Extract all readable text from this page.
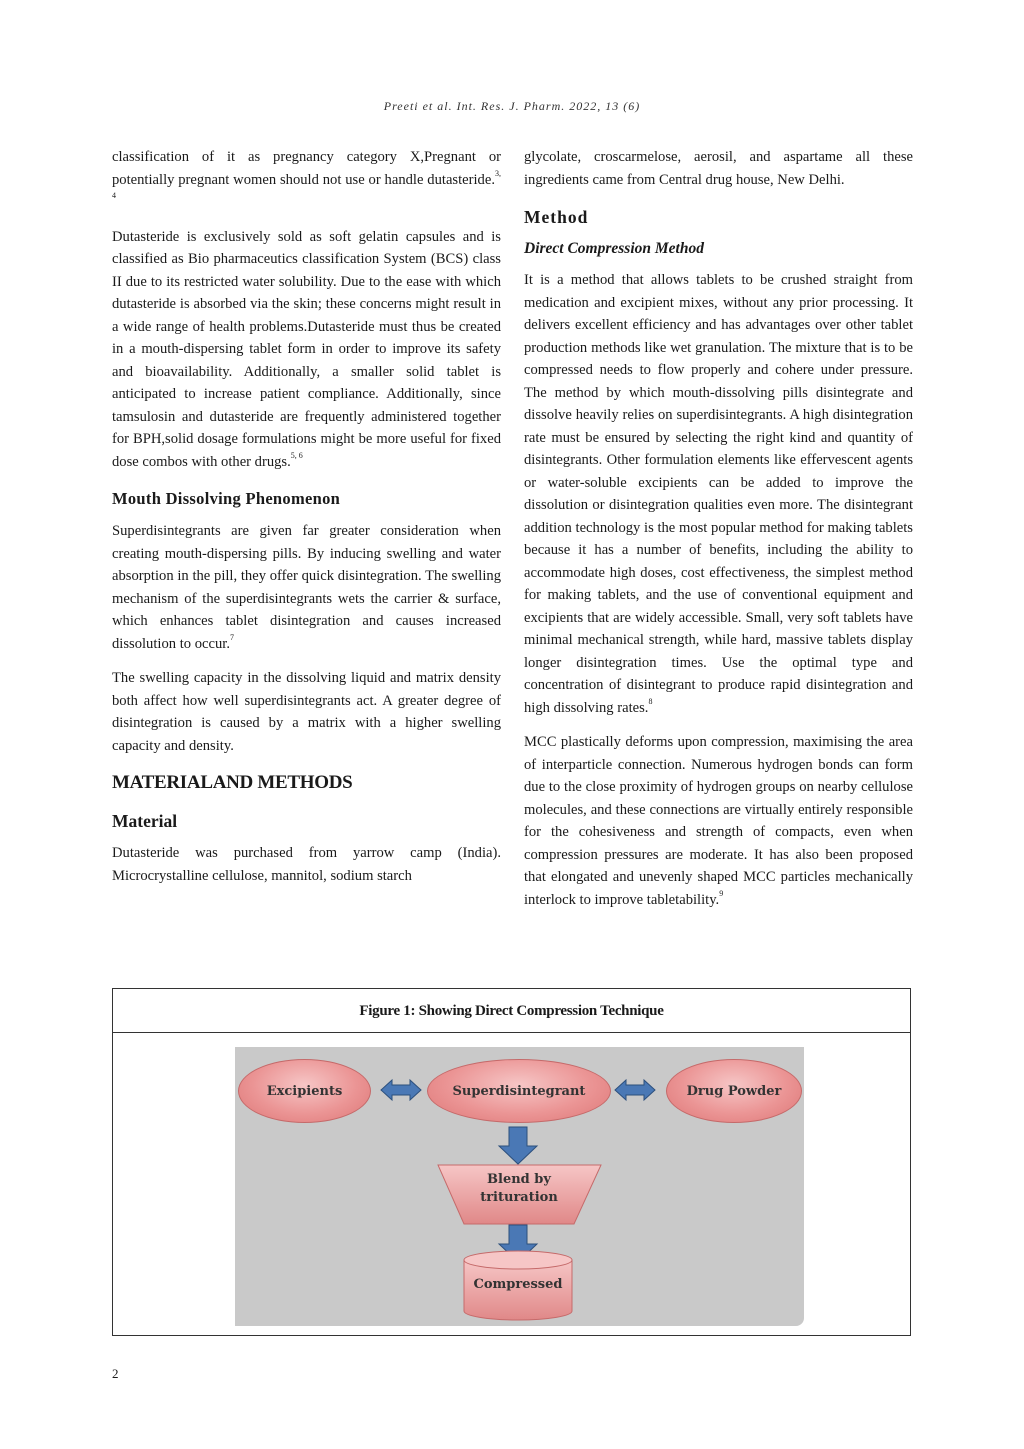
Preeti et al. Int. Res. J. Pharm. 2022, 13 (6)

classification of it as pregnancy category X,Pregnant or potentially pregnant women should not use or handle dutasteride.$^{3, 4}$

Dutasteride is exclusively sold as soft gelatin capsules and is classified as Bio pharmaceutics classification System (BCS) class II due to its restricted water solubility. Due to the ease with which dutasteride is absorbed via the skin; these concerns might result in a wide range of health problems.Dutasteride must thus be created in a mouth-dispersing tablet form in order to improve its safety and bioavailability. Additionally, a smaller solid tablet is anticipated to increase patient compliance. Additionally, since tamsulosin and dutasteride are frequently administered together for BPH,solid dosage formulations might be more useful for fixed dose combos with other drugs.$^{5, 6}$

Mouth Dissolving Phenomenon

Superdisintegrants are given far greater consideration when creating mouth-dispersing pills. By inducing swelling and water absorption in the pill, they offer quick disintegration. The swelling mechanism of the superdisintegrants wets the carrier & surface, which enhances tablet disintegration and causes increased dissolution to occur.$^7$

The swelling capacity in the dissolving liquid and matrix density both affect how well superdisintegrants act. A greater degree of disintegration is caused by a matrix with a higher swelling capacity and density.

MATERIALAND METHODS
Material

Dutasteride was purchased from yarrow camp (India). Microcrystalline cellulose, mannitol, sodium starch

glycolate, croscarmelose, aerosil, and aspartame all these ingredients came from Central drug house, New Delhi.

Method
Direct Compression Method

It is a method that allows tablets to be crushed straight from medication and excipient mixes, without any prior processing. It delivers excellent efficiency and has advantages over other tablet production methods like wet granulation. The mixture that is to be compressed needs to flow properly and cohere under pressure. The method by which mouth-dissolving pills disintegrate and dissolve heavily relies on superdisintegrants. A high disintegration rate must be ensured by selecting the right kind and quantity of disintegrants. Other formulation elements like effervescent agents or water-soluble excipients can be added to improve the dissolution or disintegration qualities even more. The disintegrant addition technology is the most popular method for making tablets because it has a number of benefits, including the ability to accommodate high doses, cost effectiveness, the simplest method for making tablets, and the use of conventional equipment and excipients that are widely accessible. Small, very soft tablets have minimal mechanical strength, while hard, massive tablets display longer disintegration times. Use the optimal type and concentration of disintegrant to produce rapid disintegration and high dissolving rates.$^8$

MCC plastically deforms upon compression, maximising the area of interparticle connection. Numerous hydrogen bonds can form due to the close proximity of hydrogen groups on nearby cellulose molecules, and these connections are virtually entirely responsible for the cohesiveness and strength of compacts, even when compression pressures are moderate. It has also been proposed that elongated and unevenly shaped MCC particles mechanically interlock to improve tabletability.$^9$

Figure 1: Showing Direct Compression Technique
Excipients	Superdisintegrant	Drug Powder
Blend by trituration
Compressed
2
